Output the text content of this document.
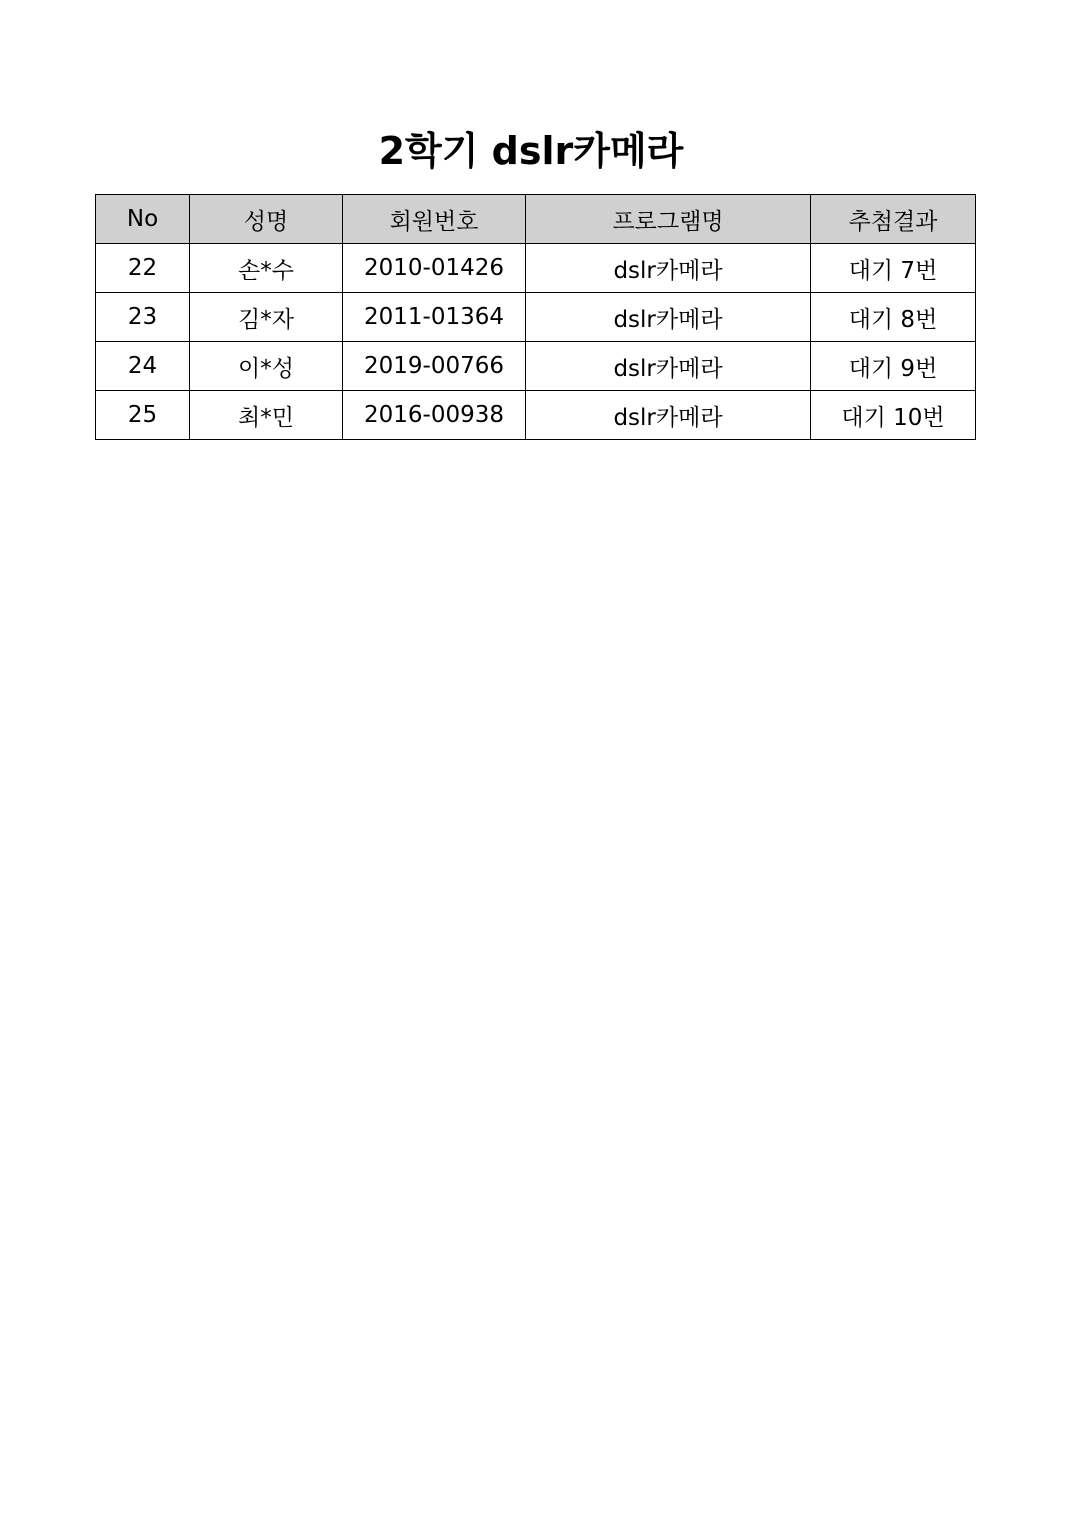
2학기 dslr카메라
No	성명	회원번호	프로그램명	추첨결과
22	손*수	2010-01426	dslr카메라	대기 7번
23	김*자	2011-01364	dslr카메라	대기 8번
24	이*성	2019-00766	dslr카메라	대기 9번
25	최*민	2016-00938	dslr카메라	대기 10번
